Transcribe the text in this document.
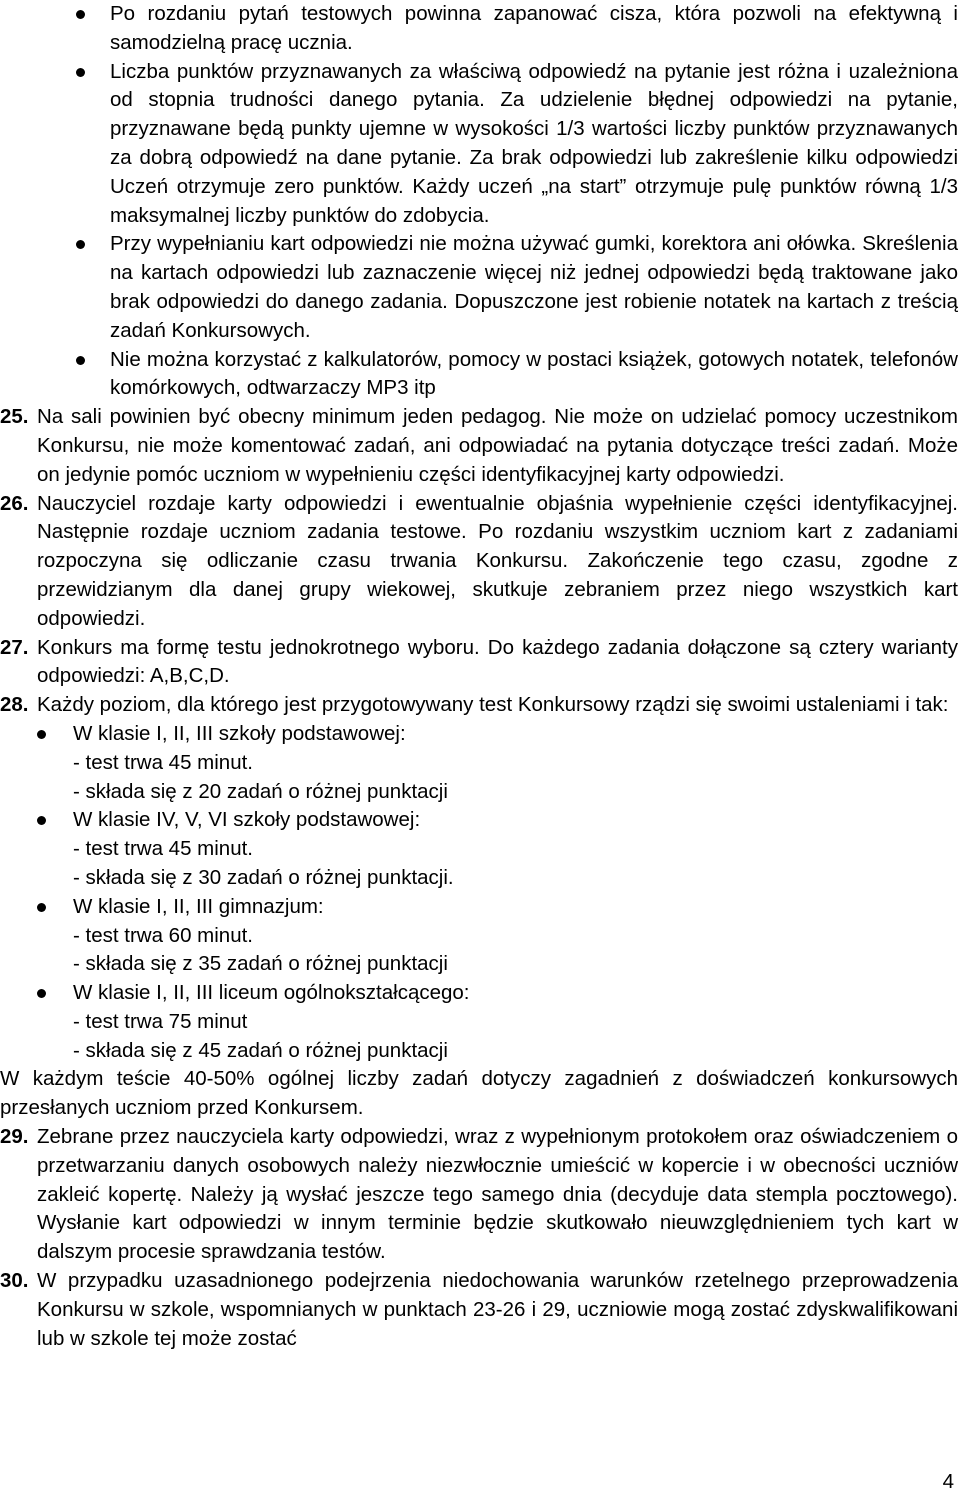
Po rozdaniu pytań testowych powinna zapanować cisza, która pozwoli na efektywną i samodzielną pracę ucznia.
Liczba punktów przyznawanych za właściwą odpowiedź na pytanie jest różna i uzależniona od stopnia trudności danego pytania. Za udzielenie błędnej odpowiedzi na pytanie, przyznawane będą punkty ujemne w wysokości 1/3 wartości liczby punktów przyznawanych za dobrą odpowiedź na dane pytanie. Za brak odpowiedzi lub zakreślenie kilku odpowiedzi Uczeń otrzymuje zero punktów. Każdy uczeń „na start” otrzymuje pulę punktów równą 1/3 maksymalnej liczby punktów do zdobycia.
Przy wypełnianiu kart odpowiedzi nie można używać gumki, korektora ani ołówka. Skreślenia na kartach odpowiedzi lub zaznaczenie więcej niż jednej odpowiedzi będą traktowane jako brak odpowiedzi do danego zadania. Dopuszczone jest robienie notatek na kartach z treścią zadań Konkursowych.
Nie można korzystać z kalkulatorów, pomocy w postaci książek, gotowych notatek, telefonów komórkowych, odtwarzaczy MP3 itp
25. Na sali powinien być obecny minimum jeden pedagog. Nie może on udzielać pomocy uczestnikom Konkursu, nie może komentować zadań, ani odpowiadać na pytania dotyczące treści zadań. Może on jedynie pomóc uczniom w wypełnieniu części identyfikacyjnej karty odpowiedzi.
26. Nauczyciel rozdaje karty odpowiedzi i ewentualnie objaśnia wypełnienie części identyfikacyjnej. Następnie rozdaje uczniom zadania testowe. Po rozdaniu wszystkim uczniom kart z zadaniami rozpoczyna się odliczanie czasu trwania Konkursu. Zakończenie tego czasu, zgodne z przewidzianym dla danej grupy wiekowej, skutkuje zebraniem przez niego wszystkich kart odpowiedzi.
27. Konkurs ma formę testu jednokrotnego wyboru. Do każdego zadania dołączone są cztery warianty odpowiedzi: A,B,C,D.
28. Każdy poziom, dla którego jest przygotowywany test Konkursowy rządzi się swoimi ustaleniami i tak:
W klasie I, II, III szkoły podstawowej:
- test trwa 45 minut.
- składa się z 20 zadań o różnej punktacji
W klasie IV, V, VI szkoły podstawowej:
- test trwa 45 minut.
- składa się z 30 zadań o różnej punktacji.
W klasie I, II, III gimnazjum:
- test trwa 60 minut.
- składa się z 35 zadań o różnej punktacji
W klasie I, II, III liceum ogólnokształcącego:
- test trwa 75 minut
- składa się z 45 zadań o różnej punktacji

W każdym teście 40-50% ogólnej liczby zadań dotyczy zagadnień z doświadczeń konkursowych przesłanych uczniom przed Konkursem.

29. Zebrane przez nauczyciela karty odpowiedzi, wraz z wypełnionym protokołem oraz oświadczeniem o przetwarzaniu danych osobowych należy niezwłocznie umieścić w kopercie i w obecności uczniów zakleić kopertę. Należy ją wysłać jeszcze tego samego dnia (decyduje data stempla pocztowego). Wysłanie kart odpowiedzi w innym terminie będzie skutkowało nieuwzględnieniem tych kart w dalszym procesie sprawdzania testów.
30. W przypadku uzasadnionego podejrzenia niedochowania warunków rzetelnego przeprowadzenia Konkursu w szkole, wspomnianych w punktach 23-26 i 29, uczniowie mogą zostać zdyskwalifikowani lub w szkole tej może zostać
4
